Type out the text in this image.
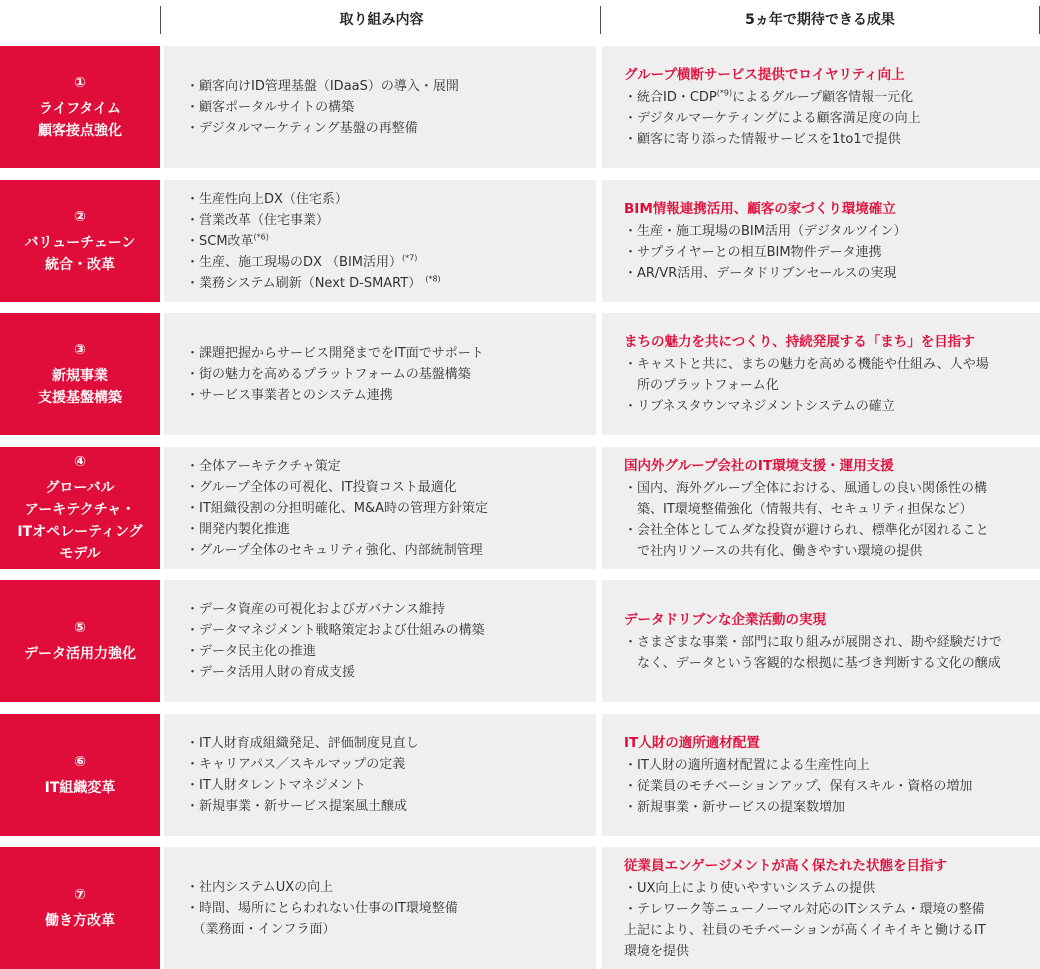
取り組み内容	5ヵ年で期待できる成果
①
ライフタイム
顧客接点強化
・顧客向けID管理基盤（IDaaS）の導入・展開
・顧客ポータルサイトの構築
・デジタルマーケティング基盤の再整備
グループ横断サービス提供でロイヤリティ向上
・統合ID・$CDP^{(*9)}$によるグループ顧客情報一元化
・デジタルマーケティングによる顧客満足度の向上
・顧客に寄り添った情報サービスを1to1で提供
②
バリューチェーン
統合・改革
・生産性向上DX（住宅系）
・営業改革（住宅事業）
・SCM改革$^{(*6)}$
・生産、施工現場のDX （BIM活用）$^{(*7)}$
・業務システム刷新（Next D-SMART） $^{(*8)}$
BIM情報連携活用、顧客の家づくり環境確立
・生産・施工現場のBIM活用（デジタルツイン）
・サプライヤーとの相互BIM物件データ連携
・AR/VR活用、データドリブンセールスの実現
③
新規事業
支援基盤構築
・課題把握からサービス開発までをIT面でサポート
・街の魅力を高めるプラットフォームの基盤構築
・サービス事業者とのシステム連携
まちの魅力を共につくり、持続発展する「まち」を目指す
・キャストと共に、まちの魅力を高める機能や仕組み、人や場
　所のプラットフォーム化
・リブネスタウンマネジメントシステムの確立
④
グローバル
アーキテクチャ・
ITオペレーティング
モデル
・全体アーキテクチャ策定
・グループ全体の可視化、IT投資コスト最適化
・IT組織役割の分担明確化、M&A時の管理方針策定
・開発内製化推進
・グループ全体のセキュリティ強化、内部統制管理
国内外グループ会社のIT環境支援・運用支援
・国内、海外グループ全体における、風通しの良い関係性の構
　築、IT環境整備強化（情報共有、セキュリティ担保など）
・会社全体としてムダな投資が避けられ、標準化が図れること
　で社内リソースの共有化、働きやすい環境の提供
⑤
データ活用力強化
・データ資産の可視化およびガバナンス維持
・データマネジメント戦略策定および仕組みの構築
・データ民主化の推進
・データ活用人財の育成支援
データドリブンな企業活動の実現
・さまざまな事業・部門に取り組みが展開され、勘や経験だけで
　なく、データという客観的な根拠に基づき判断する文化の醸成
⑥
IT組織変革
・IT人財育成組織発足、評価制度見直し
・キャリアパス／スキルマップの定義
・IT人財タレントマネジメント
・新規事業・新サービス提案風土醸成
IT人財の適所適材配置
・IT人財の適所適材配置による生産性向上
・従業員のモチベーションアップ、保有スキル・資格の増加
・新規事業・新サービスの提案数増加
⑦
働き方改革
・社内システムUXの向上
・時間、場所にとらわれない仕事のIT環境整備
　（業務面・インフラ面）
従業員エンゲージメントが高く保たれた状態を目指す
・UX向上により使いやすいシステムの提供
・テレワーク等ニューノーマル対応のITシステム・環境の整備
上記により、社員のモチベーションが高くイキイキと働けるIT
環境を提供
